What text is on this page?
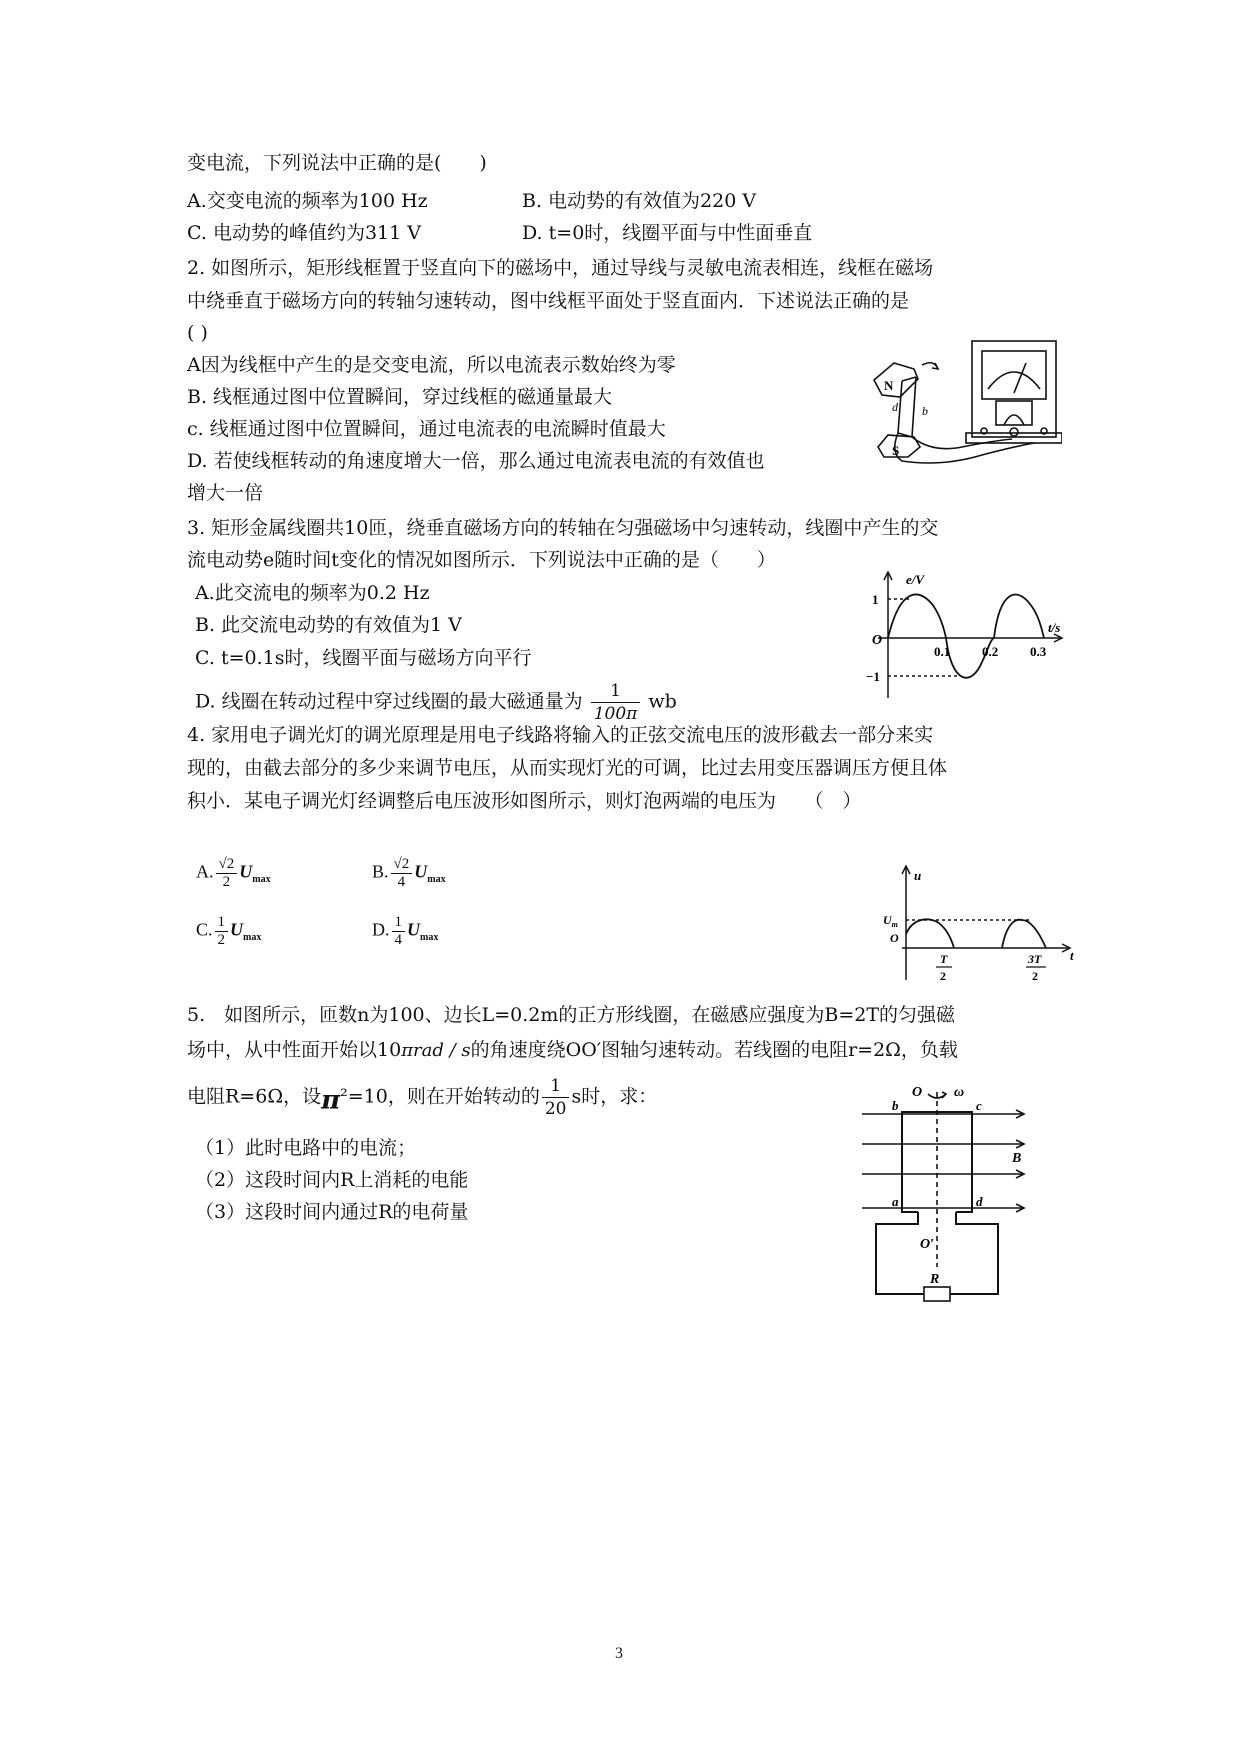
变电流，下列说法中正确的是(　　)
A.交变电流的频率为100 Hz	B. 电动势的有效值为220 V
C. 电动势的峰值约为311 V	D. t=0时，线圈平面与中性面垂直
2. 如图所示，矩形线框置于竖直向下的磁场中，通过导线与灵敏电流表相连，线框在磁场
中绕垂直于磁场方向的转轴匀速转动，图中线框平面处于竖直面内．下述说法正确的是
( )
A因为线框中产生的是交变电流，所以电流表示数始终为零
B. 线框通过图中位置瞬间，穿过线框的磁通量最大
c. 线框通过图中位置瞬间，通过电流表的电流瞬时值最大
D. 若使线框转动的角速度增大一倍，那么通过电流表电流的有效值也
增大一倍
N
S
d b
3. 矩形金属线圈共10匝，绕垂直磁场方向的转轴在匀强磁场中匀速转动，线圈中产生的交
流电动势e随时间t变化的情况如图所示．下列说法中正确的是（　　）
A.此交流电的频率为0.2 Hz
B. 此交流电动势的有效值为1 V
C. t=0.1s时，线圈平面与磁场方向平行
D. 线圈在转动过程中穿过线圈的最大磁通量为 $\frac{1}{100\pi}$ wb
e/V
t/s
O
1
−1
0.1 0.2 0.3
4. 家用电子调光灯的调光原理是用电子线路将输入的正弦交流电压的波形截去一部分来实
现的，由截去部分的多少来调节电压，从而实现灯光的可调，比过去用变压器调压方便且体
积小．某电子调光灯经调整后电压波形如图所示，则灯泡两端的电压为　　（　）
A. $\frac{√2}{2} U_{max}$	B. $\frac{√2}{4} U_{max}$
C. $\frac{1}{2} U_{max}$	D. $\frac{1}{4} U_{max}$
u
t
$U_m$
O
T
2
3T
2
5.　如图所示，匝数n为100、边长L=0.2m的正方形线圈，在磁感应强度为B=2T的匀强磁
场中，从中性面开始以10πrad / s的角速度绕OO′图轴匀速转动。若线圈的电阻r=2Ω，负载
电阻R=6Ω，设π²=10，则在开始转动的 $\frac{1}{20}$ s时，求：
（1）此时电路中的电流；
（2）这段时间内R上消耗的电能
（3）这段时间内通过R的电荷量
O ω
b	c
a	d
B
O′
R
3
